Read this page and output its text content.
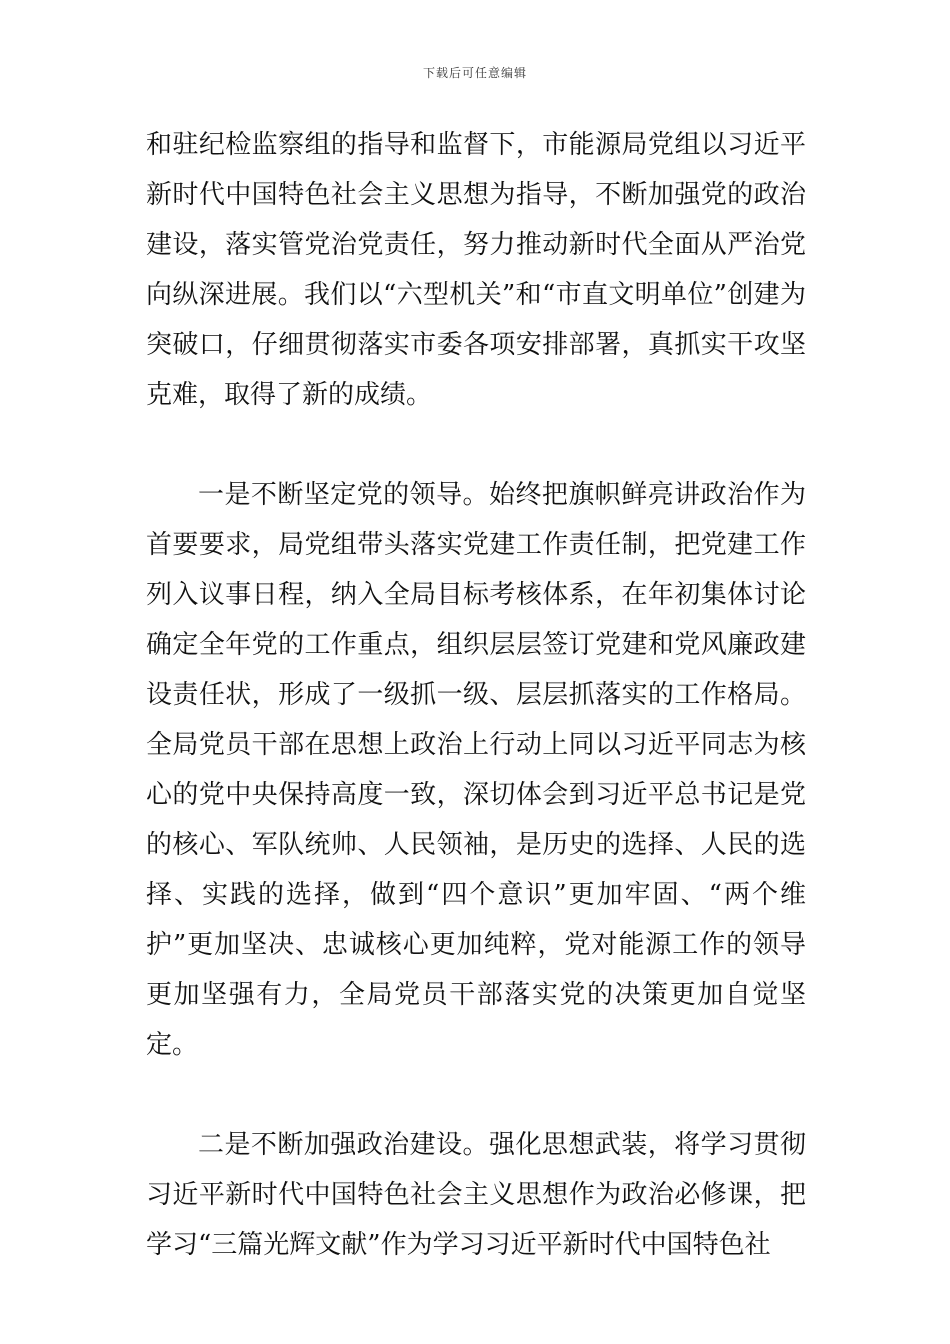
下载后可任意编辑

和驻纪检监察组的指导和监督下，市能源局党组以习近平新时代中国特色社会主义思想为指导，不断加强党的政治建设，落实管党治党责任，努力推动新时代全面从严治党向纵深进展。我们以“六型机关”和“市直文明单位”创建为突破口，仔细贯彻落实市委各项安排部署，真抓实干攻坚克难，取得了新的成绩。

一是不断坚定党的领导。始终把旗帜鲜亮讲政治作为首要要求，局党组带头落实党建工作责任制，把党建工作列入议事日程，纳入全局目标考核体系，在年初集体讨论确定全年党的工作重点，组织层层签订党建和党风廉政建设责任状，形成了一级抓一级、层层抓落实的工作格局。全局党员干部在思想上政治上行动上同以习近平同志为核心的党中央保持高度一致，深切体会到习近平总书记是党的核心、军队统帅、人民领袖，是历史的选择、人民的选择、实践的选择，做到“四个意识”更加牢固、“两个维护”更加坚决、忠诚核心更加纯粹，党对能源工作的领导更加坚强有力，全局党员干部落实党的决策更加自觉坚定。

二是不断加强政治建设。强化思想武装，将学习贯彻习近平新时代中国特色社会主义思想作为政治必修课，把学习“三篇光辉文献”作为学习习近平新时代中国特色社
